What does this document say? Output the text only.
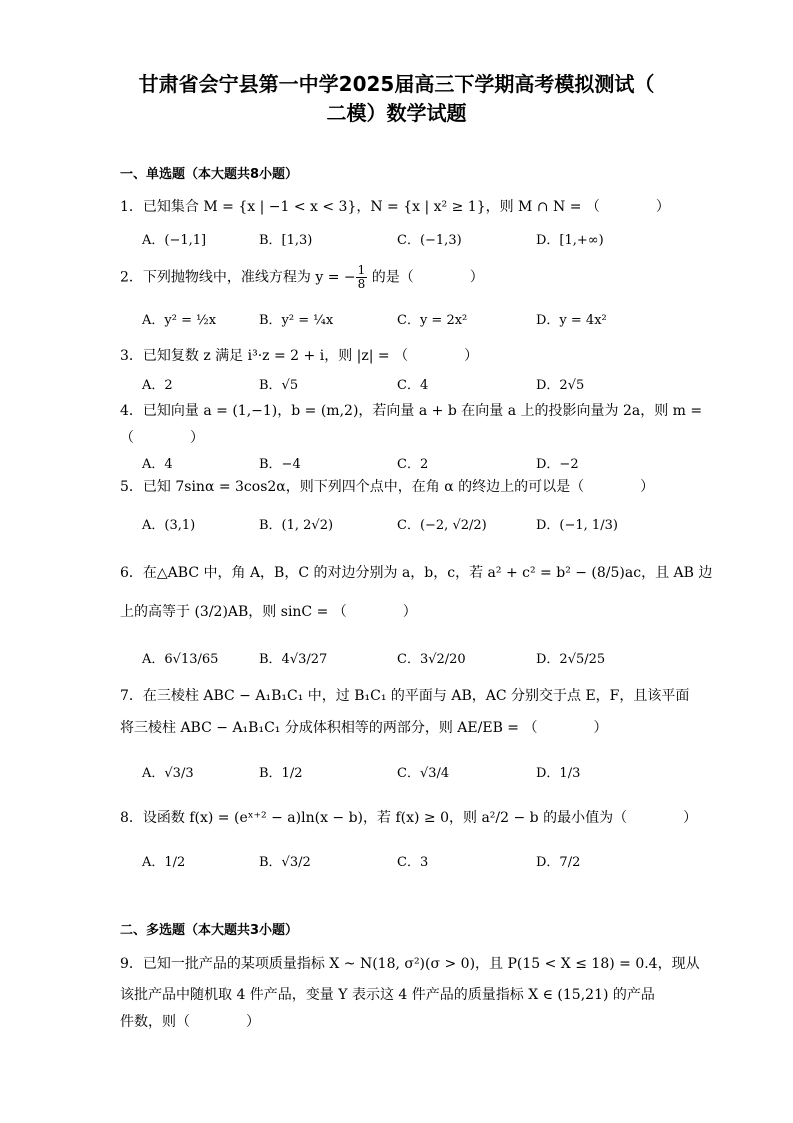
甘肃省会宁县第一中学2025届高三下学期高考模拟测试（
二模）数学试题
一、单选题（本大题共8小题）
1．已知集合 M = {x | −1 < x < 3}，N = {x | x² ≥ 1}，则 M ∩ N = （　　　　）
A．(−1,1]	B．[1,3)	C．(−1,3)	D．[1,+∞)
2．下列抛物线中，准线方程为 y = − $\frac{1}{8}$ 的是（　　　　）
A．y² = ½x	B．y² = ¼x	C．y = 2x²	D．y = 4x²
3．已知复数 z 满足 i³·z = 2 + i，则 |z| = （　　　　）
A．2	B．√5	C．4	D．2√5
4．已知向量 a = (1,−1)，b = (m,2)，若向量 a + b 在向量 a 上的投影向量为 2a，则 m =
（　　　　）
A．4	B．−4	C．2	D．−2
5．已知 7sinα = 3cos2α，则下列四个点中，在角 α 的终边上的可以是（　　　　）
A．(3,1)	B．(1, 2√2)	C．(−2, √2/2)	D．(−1, 1/3)
6．在△ABC 中，角 A，B，C 的对边分别为 a，b，c，若 a² + c² = b² − (8/5)ac，且 AB 边
上的高等于 (3/2)AB，则 sinC = （　　　　）
A．6√13/65	B．4√3/27	C．3√2/20	D．2√5/25
7．在三棱柱 ABC − A₁B₁C₁ 中，过 B₁C₁ 的平面与 AB，AC 分别交于点 E，F，且该平面
将三棱柱 ABC − A₁B₁C₁ 分成体积相等的两部分，则 AE/EB = （　　　　）
A．√3/3	B．1/2	C．√3/4	D．1/3
8．设函数 f(x) = (eˣ⁺² − a)ln(x − b)，若 f(x) ≥ 0，则 a²/2 − b 的最小值为（　　　　）
A．1/2	B．√3/2	C．3	D．7/2
二、多选题（本大题共3小题）
9．已知一批产品的某项质量指标 X ~ N(18, σ²)(σ > 0)，且 P(15 < X ≤ 18) = 0.4，现从
该批产品中随机取 4 件产品，变量 Y 表示这 4 件产品的质量指标 X ∈ (15,21) 的产品
件数，则（　　　　）
